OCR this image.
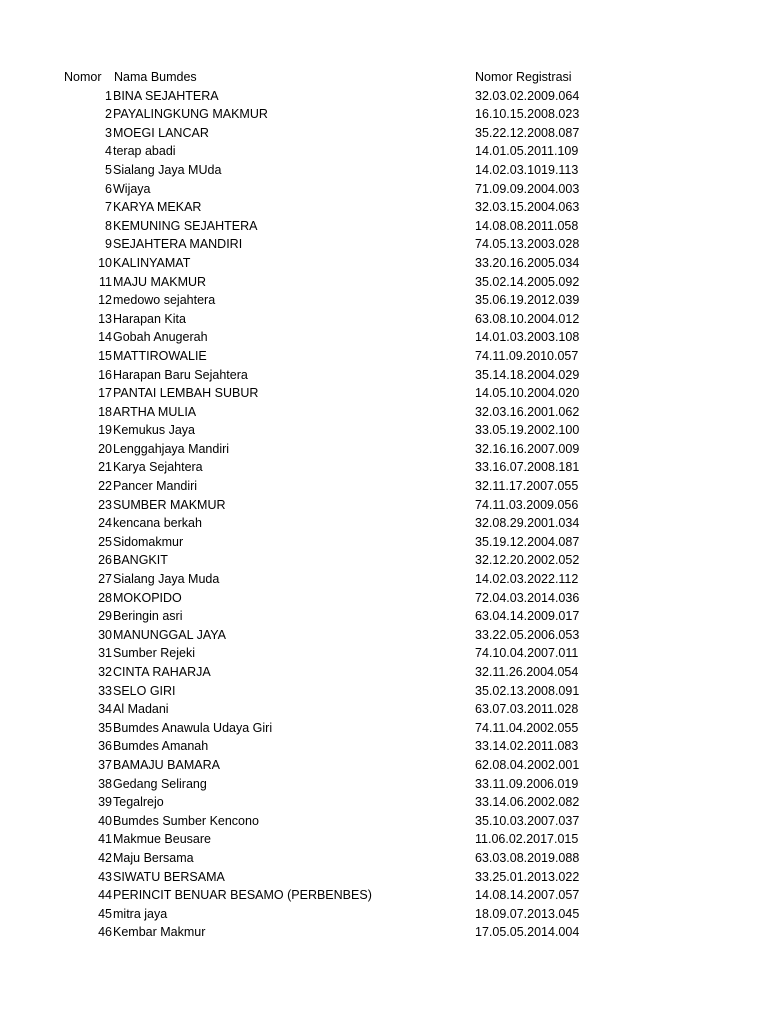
Nomor Nama Bumdes	Nomor Registrasi
1 BINA SEJAHTERA	32.03.02.2009.064
2 PAYALINGKUNG MAKMUR	16.10.15.2008.023
3 MOEGI LANCAR	35.22.12.2008.087
4 terap abadi	14.01.05.2011.109
5 Sialang Jaya MUda	14.02.03.1019.113
6 Wijaya	71.09.09.2004.003
7 KARYA MEKAR	32.03.15.2004.063
8 KEMUNING SEJAHTERA	14.08.08.2011.058
9 SEJAHTERA MANDIRI	74.05.13.2003.028
10 KALINYAMAT	33.20.16.2005.034
11 MAJU MAKMUR	35.02.14.2005.092
12 medowo sejahtera	35.06.19.2012.039
13 Harapan Kita	63.08.10.2004.012
14 Gobah Anugerah	14.01.03.2003.108
15 MATTIROWALIE	74.11.09.2010.057
16 Harapan Baru Sejahtera	35.14.18.2004.029
17 PANTAI LEMBAH SUBUR	14.05.10.2004.020
18 ARTHA MULIA	32.03.16.2001.062
19 Kemukus Jaya	33.05.19.2002.100
20 Lenggahjaya Mandiri	32.16.16.2007.009
21 Karya Sejahtera	33.16.07.2008.181
22 Pancer Mandiri	32.11.17.2007.055
23 SUMBER MAKMUR	74.11.03.2009.056
24 kencana berkah	32.08.29.2001.034
25 Sidomakmur	35.19.12.2004.087
26 BANGKIT	32.12.20.2002.052
27 Sialang Jaya Muda	14.02.03.2022.112
28 MOKOPIDO	72.04.03.2014.036
29 Beringin asri	63.04.14.2009.017
30 MANUNGGAL JAYA	33.22.05.2006.053
31 Sumber Rejeki	74.10.04.2007.011
32 CINTA RAHARJA	32.11.26.2004.054
33 SELO GIRI	35.02.13.2008.091
34 Al Madani	63.07.03.2011.028
35 Bumdes Anawula Udaya Giri	74.11.04.2002.055
36 Bumdes Amanah	33.14.02.2011.083
37 BAMAJU BAMARA	62.08.04.2002.001
38 Gedang Selirang	33.11.09.2006.019
39 Tegalrejo	33.14.06.2002.082
40 Bumdes Sumber Kencono	35.10.03.2007.037
41 Makmue Beusare	11.06.02.2017.015
42 Maju Bersama	63.03.08.2019.088
43 SIWATU BERSAMA	33.25.01.2013.022
44 PERINCIT BENUAR BESAMO (PERBENBES)	14.08.14.2007.057
45 mitra jaya	18.09.07.2013.045
46 Kembar Makmur	17.05.05.2014.004
